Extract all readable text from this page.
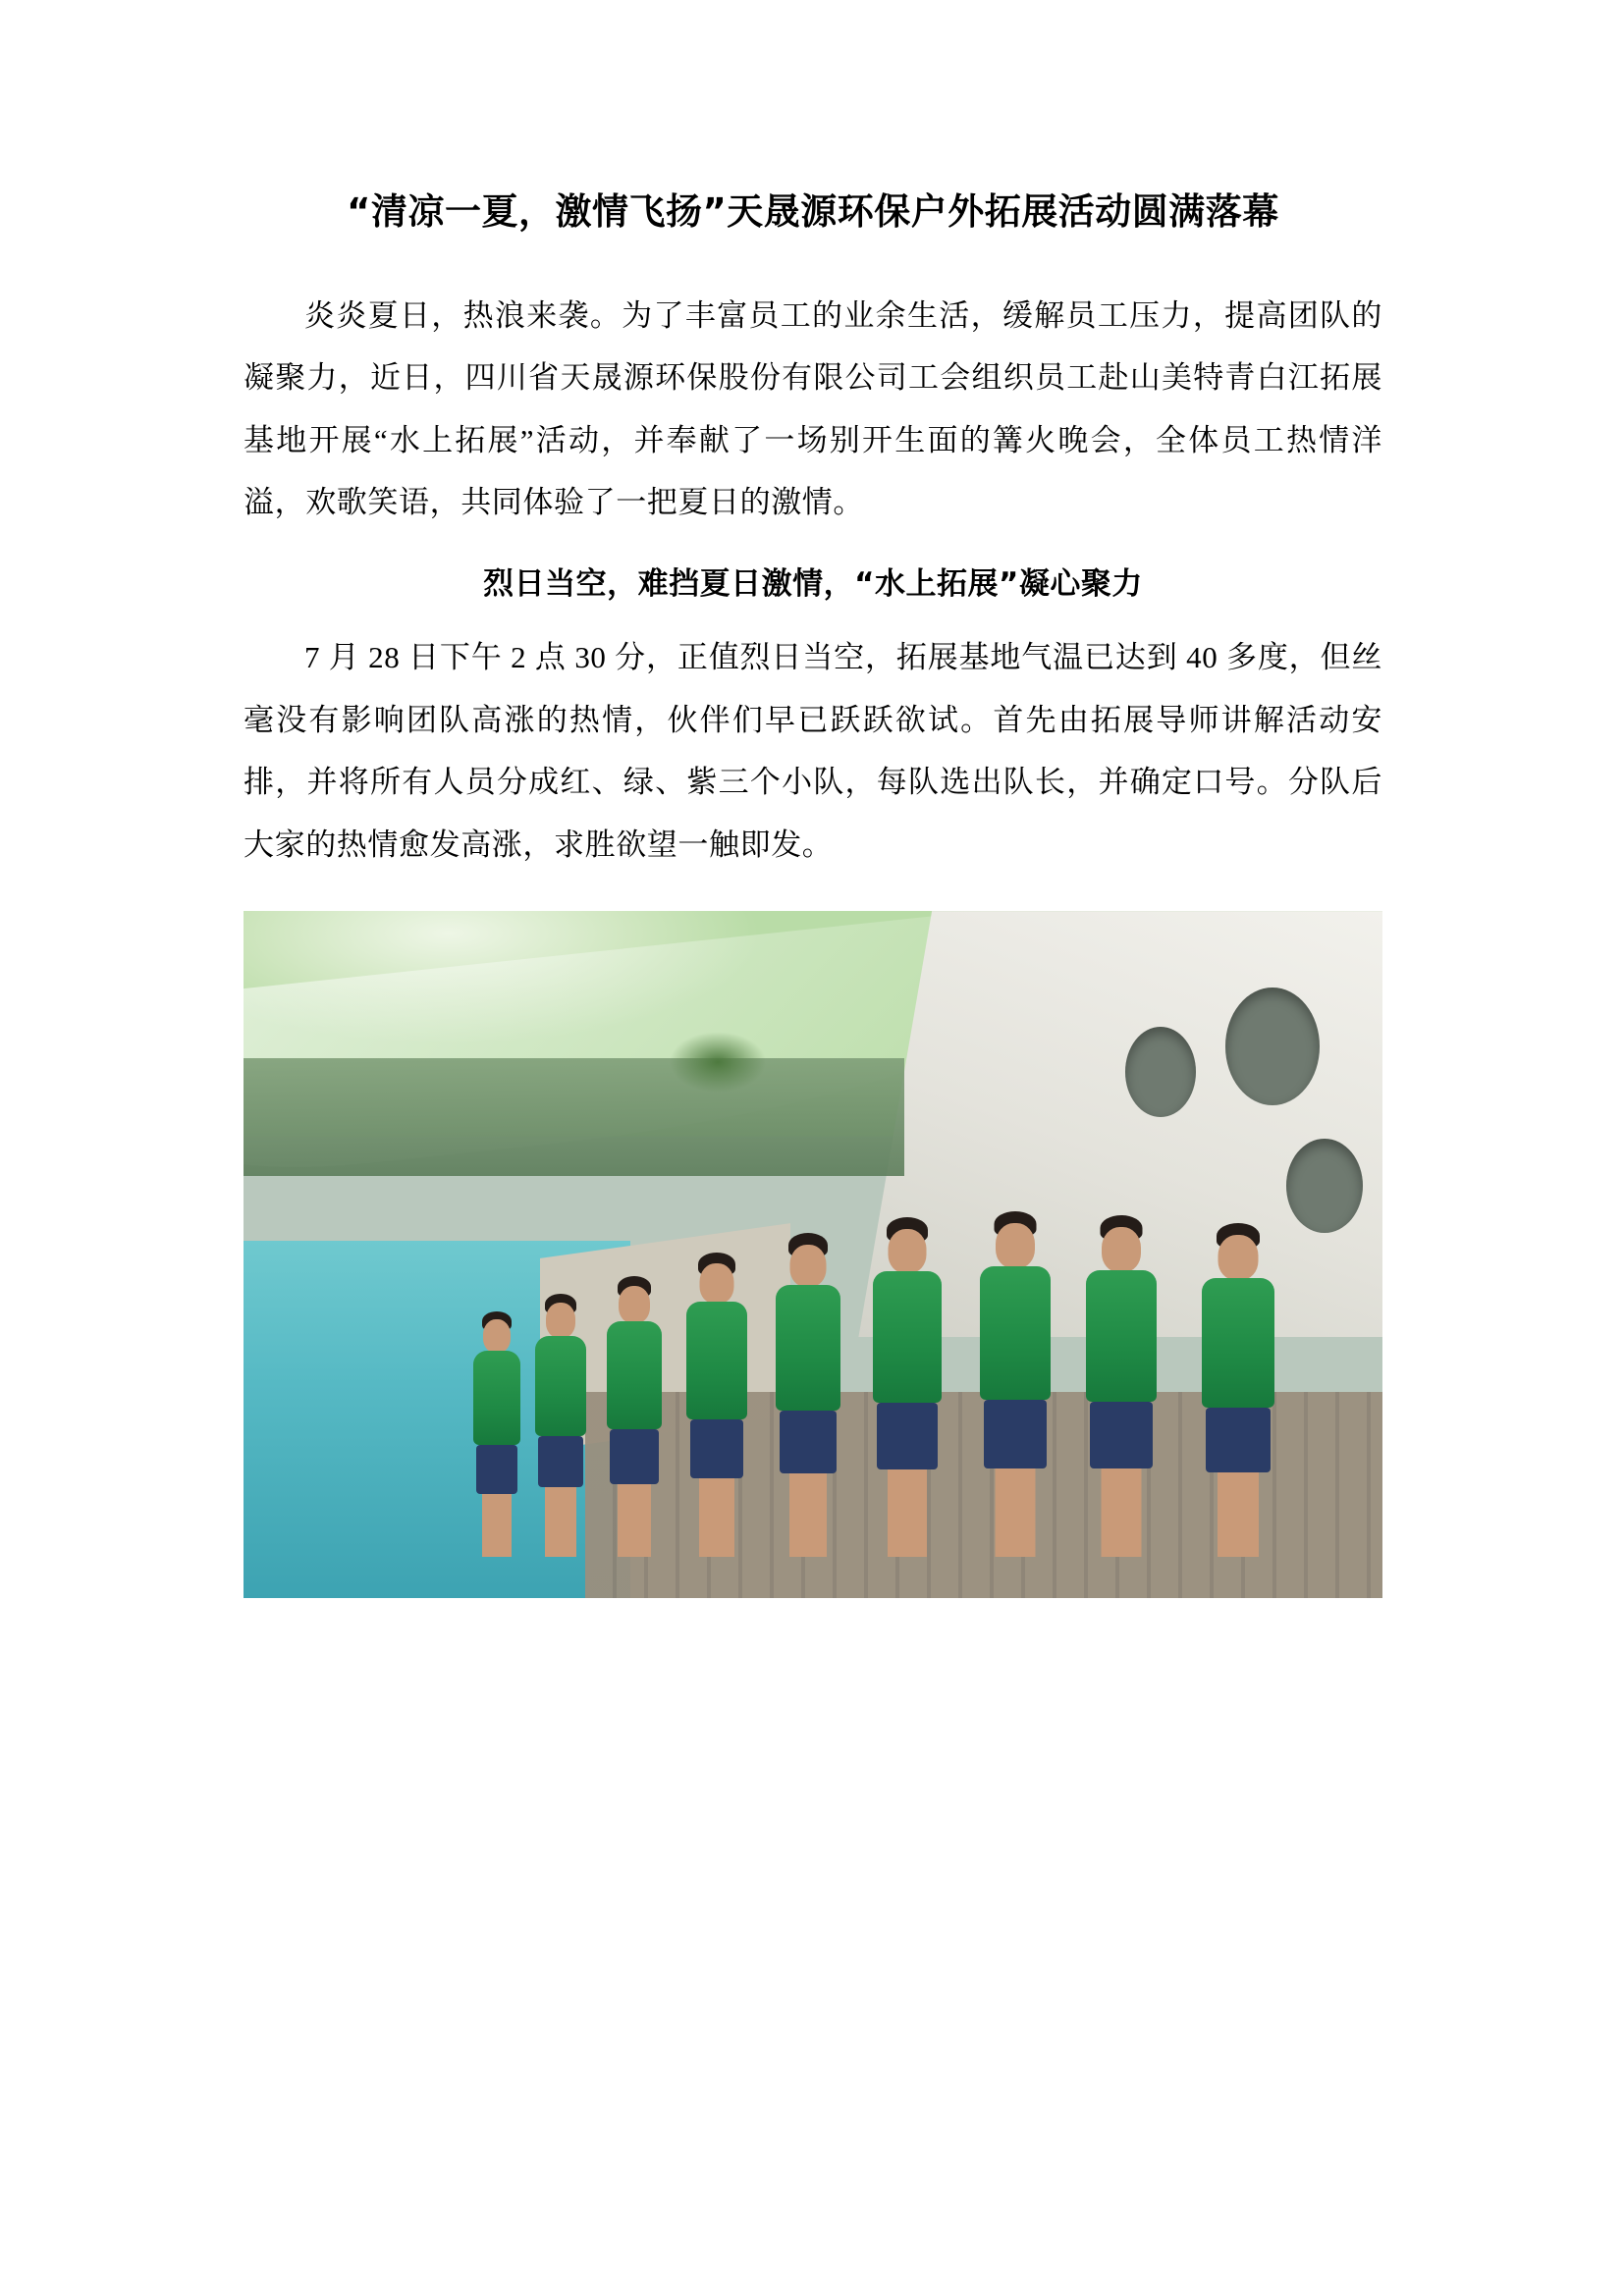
“清凉一夏，激情飞扬”天晟源环保户外拓展活动圆满落幕

炎炎夏日，热浪来袭。为了丰富员工的业余生活，缓解员工压力，提高团队的凝聚力，近日，四川省天晟源环保股份有限公司工会组织员工赴山美特青白江拓展基地开展“水上拓展”活动，并奉献了一场别开生面的篝火晚会，全体员工热情洋溢，欢歌笑语，共同体验了一把夏日的激情。

烈日当空，难挡夏日激情，“水上拓展”凝心聚力

7 月 28 日下午 2 点 30 分，正值烈日当空，拓展基地气温已达到 40 多度，但丝毫没有影响团队高涨的热情，伙伴们早已跃跃欲试。首先由拓展导师讲解活动安排，并将所有人员分成红、绿、紫三个小队，每队选出队长，并确定口号。分队后大家的热情愈发高涨，求胜欲望一触即发。
